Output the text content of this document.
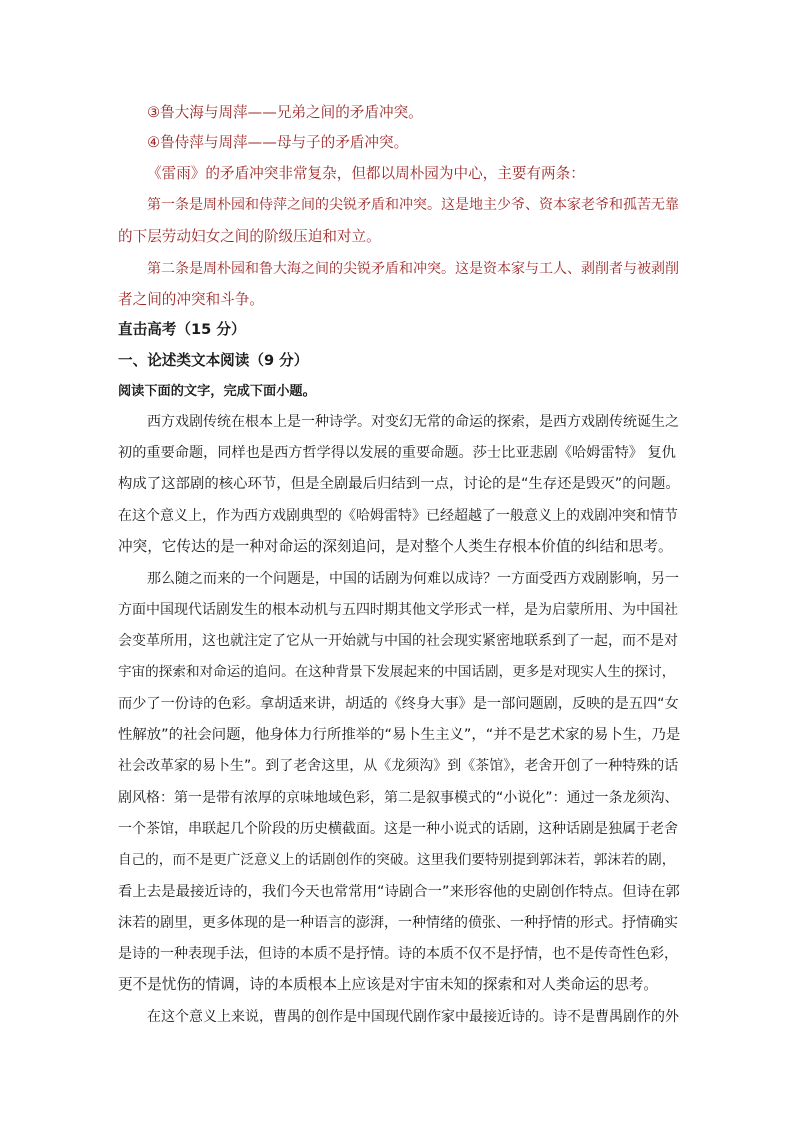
③鲁大海与周萍——兄弟之间的矛盾冲突。
④鲁侍萍与周萍——母与子的矛盾冲突。
《雷雨》的矛盾冲突非常复杂，但都以周朴园为中心，主要有两条：
第一条是周朴园和侍萍之间的尖锐矛盾和冲突。这是地主少爷、资本家老爷和孤苦无靠
的下层劳动妇女之间的阶级压迫和对立。
第二条是周朴园和鲁大海之间的尖锐矛盾和冲突。这是资本家与工人、剥削者与被剥削
者之间的冲突和斗争。
直击高考（15 分）
一、论述类文本阅读（9 分）
阅读下面的文字，完成下面小题。
西方戏剧传统在根本上是一种诗学。对变幻无常的命运的探索，是西方戏剧传统诞生之
初的重要命题，同样也是西方哲学得以发展的重要命题。莎士比亚悲剧《哈姆雷特》 复仇
构成了这部剧的核心环节，但是全剧最后归结到一点，讨论的是“生存还是毁灭”的问题。
在这个意义上，作为西方戏剧典型的《哈姆雷特》已经超越了一般意义上的戏剧冲突和情节
冲突，它传达的是一种对命运的深刻追问，是对整个人类生存根本价值的纠结和思考。
那么随之而来的一个问题是，中国的话剧为何难以成诗？一方面受西方戏剧影响，另一
方面中国现代话剧发生的根本动机与五四时期其他文学形式一样，是为启蒙所用、为中国社
会变革所用，这也就注定了它从一开始就与中国的社会现实紧密地联系到了一起，而不是对
宇宙的探索和对命运的追问。在这种背景下发展起来的中国话剧，更多是对现实人生的探讨，
而少了一份诗的色彩。拿胡适来讲，胡适的《终身大事》是一部问题剧，反映的是五四“女
性解放”的社会问题，他身体力行所推举的“易卜生主义”，“并不是艺术家的易卜生，乃是
社会改革家的易卜生”。到了老舍这里，从《龙须沟》到《茶馆》，老舍开创了一种特殊的话
剧风格：第一是带有浓厚的京味地域色彩，第二是叙事模式的“小说化”：通过一条龙须沟、
一个茶馆，串联起几个阶段的历史横截面。这是一种小说式的话剧，这种话剧是独属于老舍
自己的，而不是更广泛意义上的话剧创作的突破。这里我们要特别提到郭沫若，郭沫若的剧，
看上去是最接近诗的，我们今天也常常用“诗剧合一”来形容他的史剧创作特点。但诗在郭
沫若的剧里，更多体现的是一种语言的澎湃，一种情绪的偾张、一种抒情的形式。抒情确实
是诗的一种表现手法，但诗的本质不是抒情。诗的本质不仅不是抒情，也不是传奇性色彩，
更不是忧伤的情调，诗的本质根本上应该是对宇宙未知的探索和对人类命运的思考。
在这个意义上来说，曹禺的创作是中国现代剧作家中最接近诗的。诗不是曹禺剧作的外
